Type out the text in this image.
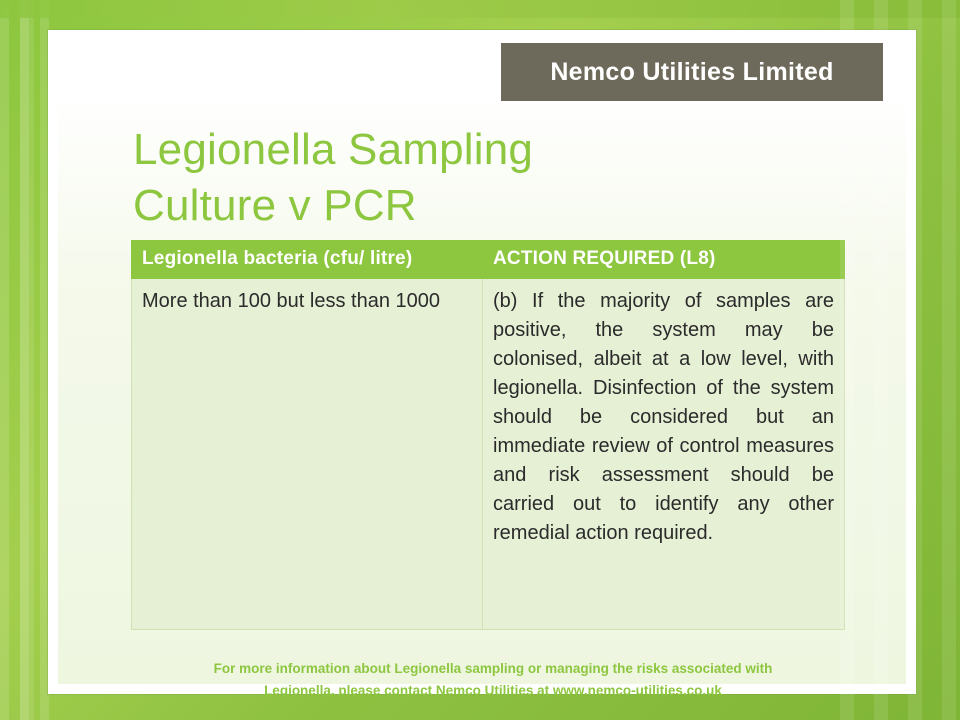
Nemco Utilities Limited
Legionella Sampling
Culture v PCR
Legionella bacteria (cfu/ litre)	ACTION REQUIRED (L8)
More than 100 but less than 1000	(b) If the majority of samples are positive, the system may be colonised, albeit at a low level, with legionella. Disinfection of the system should be considered but an immediate review of control measures and risk assessment should be carried out to identify any other remedial action required.
For more information about Legionella sampling or managing the risks associated with
Legionella, please contact Nemco Utilities at www.nemco-utilities.co.uk
